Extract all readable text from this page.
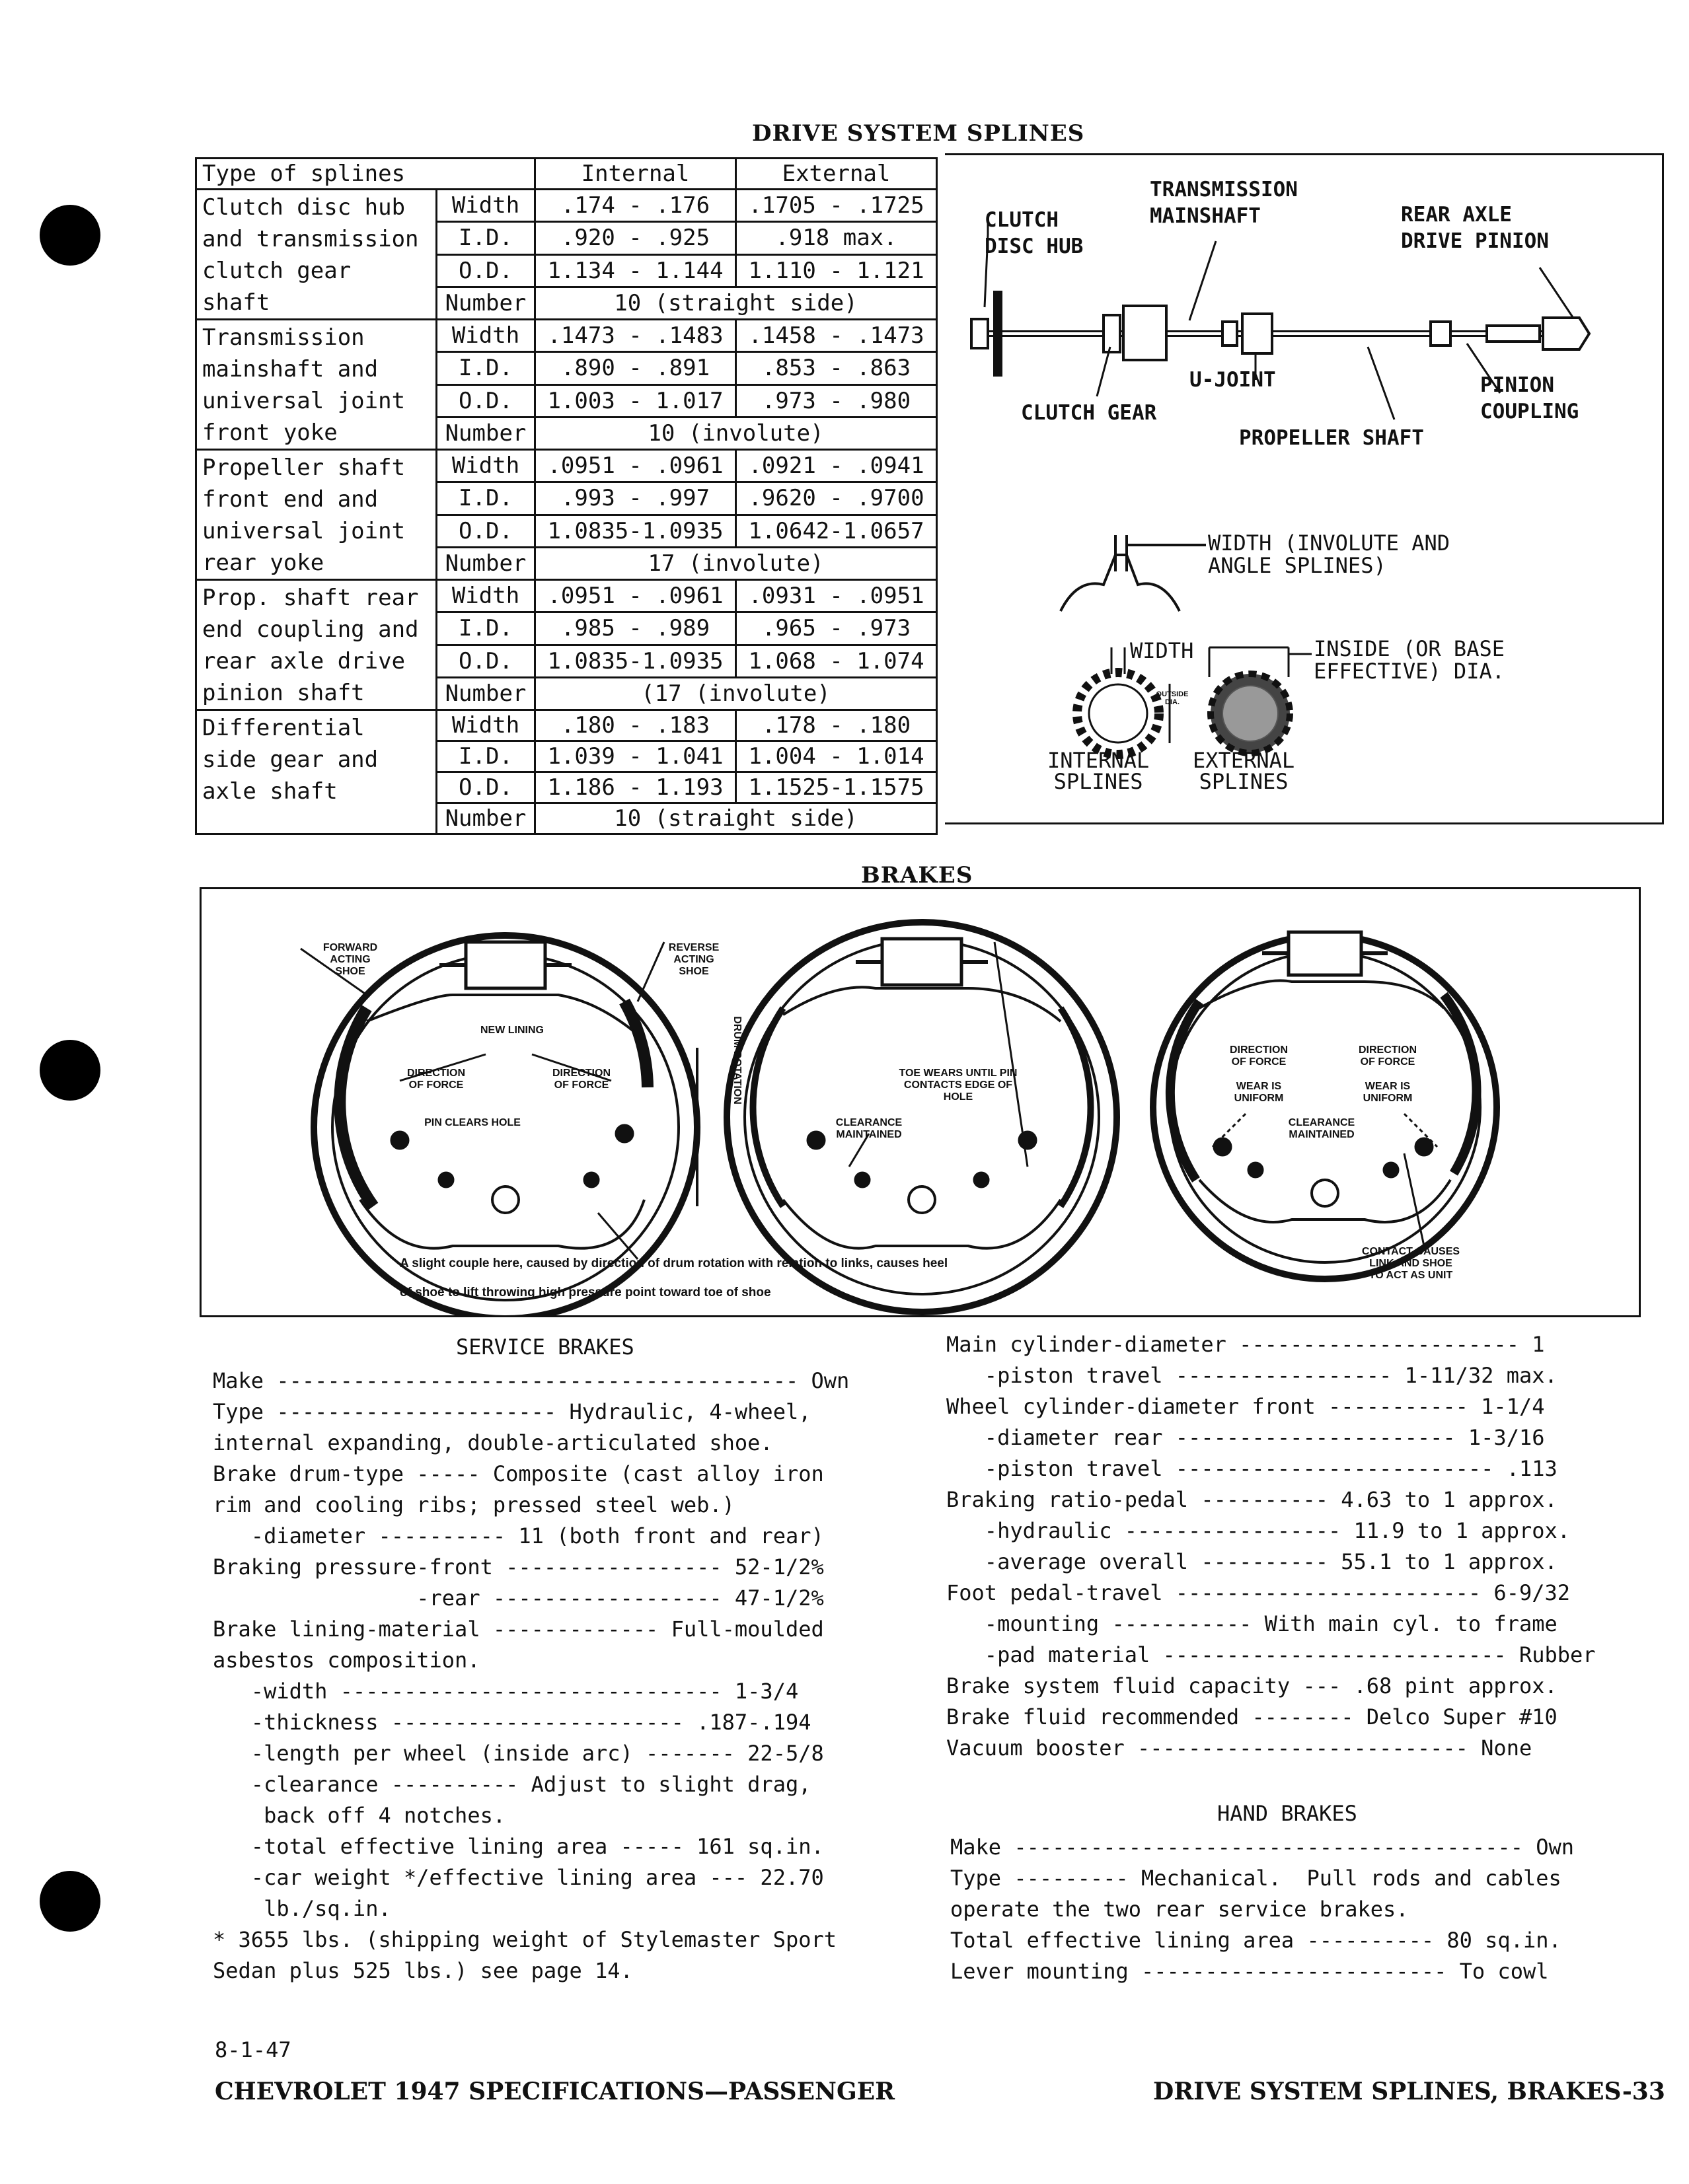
DRIVE SYSTEM SPLINES
Type of splines		Internal	External
Clutch disc hub and transmission clutch gear shaft	Width	.174 - .176	.1705 - .1725
	I.D.	.920 - .925	.918 max.
	O.D.	1.134 - 1.144	1.110 - 1.121
	Number	10 (straight side)	
Transmission mainshaft and universal joint front yoke	Width	.1473 - .1483	.1458 - .1473
	I.D.	.890 - .891	.853 - .863
	O.D.	1.003 - 1.017	.973 - .980
	Number	10 (involute)	
Propeller shaft front end and universal joint rear yoke	Width	.0951 - .0961	.0921 - .0941
	I.D.	.993 - .997	.9620 - .9700
	O.D.	1.0835-1.0935	1.0642-1.0657
	Number	17 (involute)	
Prop. shaft rear end coupling and rear axle drive pinion shaft	Width	.0951 - .0961	.0931 - .0951
	I.D.	.985 - .989	.965 - .973
	O.D.	1.0835-1.0935	1.068 - 1.074
	Number	(17 (involute)	
Differential side gear and axle shaft	Width	.180 - .183	.178 - .180
	I.D.	1.039 - 1.041	1.004 - 1.014
	O.D.	1.186 - 1.193	1.1525-1.1575
	Number	10 (straight side)	
CLUTCH
DISC HUB
TRANSMISSION
MAINSHAFT	REAR AXLE
DRIVE PINION
U-JOINT	PINION
COUPLING
CLUTCH GEAR
PROPELLER SHAFT
WIDTH (INVOLUTE AND
ANGLE SPLINES)
WIDTH	INSIDE (OR BASE
EFFECTIVE) DIA.
OUTSIDE
DIA.
INTERNAL
SPLINES
EXTERNAL
SPLINES
BRAKES
FORWARD
ACTING
SHOE
REVERSE
ACTING
SHOE
NEW LINING
DIRECTION
OF FORCE
DIRECTION
OF FORCE	DRUM ROTATION
PIN CLEARS HOLE
TOE WEARS UNTIL PIN
CONTACTS EDGE OF
HOLE
CLEARANCE
MAINTAINED
DIRECTION
OF FORCE
DIRECTION
OF FORCE
WEAR IS
UNIFORM
WEAR IS
UNIFORM
CLEARANCE
MAINTAINED
CONTACT CAUSES
LINK AND SHOE
TO ACT AS UNIT
A slight couple here, caused by direction of drum rotation with relation to links, causes heel
of shoe to lift throwing high pressure point toward toe of shoe
SERVICE BRAKES
Make ----------------------------------------- Own
Type ---------------------- Hydraulic, 4-wheel,
internal expanding, double-articulated shoe.
Brake drum-type ----- Composite (cast alloy iron
rim and cooling ribs; pressed steel web.)
-diameter ---------- 11 (both front and rear)
Braking pressure-front ----------------- 52-1/2%
-rear ------------------ 47-1/2%
Brake lining-material ------------- Full-moulded
asbestos composition.
-width ------------------------------ 1-3/4
-thickness ----------------------- .187-.194
-length per wheel (inside arc) ------- 22-5/8
-clearance ---------- Adjust to slight drag,
back off 4 notches.
-total effective lining area ----- 161 sq.in.
-car weight */effective lining area --- 22.70
lb./sq.in.
* 3655 lbs. (shipping weight of Stylemaster Sport
Sedan plus 525 lbs.) see page 14.
Main cylinder-diameter ---------------------- 1
-piston travel ----------------- 1-11/32 max.
Wheel cylinder-diameter front ----------- 1-1/4
-diameter rear ---------------------- 1-3/16
-piston travel ------------------------- .113
Braking ratio-pedal ---------- 4.63 to 1 approx.
-hydraulic ----------------- 11.9 to 1 approx.
-average overall ---------- 55.1 to 1 approx.
Foot pedal-travel ------------------------ 6-9/32
-mounting ----------- With main cyl. to frame
-pad material --------------------------- Rubber
Brake system fluid capacity --- .68 pint approx.
Brake fluid recommended -------- Delco Super #10
Vacuum booster -------------------------- None
HAND BRAKES
Make ---------------------------------------- Own
Type --------- Mechanical.  Pull rods and cables
operate the two rear service brakes.
Total effective lining area ---------- 80 sq.in.
Lever mounting ------------------------ To cowl
8-1-47
CHEVROLET 1947 SPECIFICATIONS—PASSENGER	DRIVE SYSTEM SPLINES, BRAKES-33
